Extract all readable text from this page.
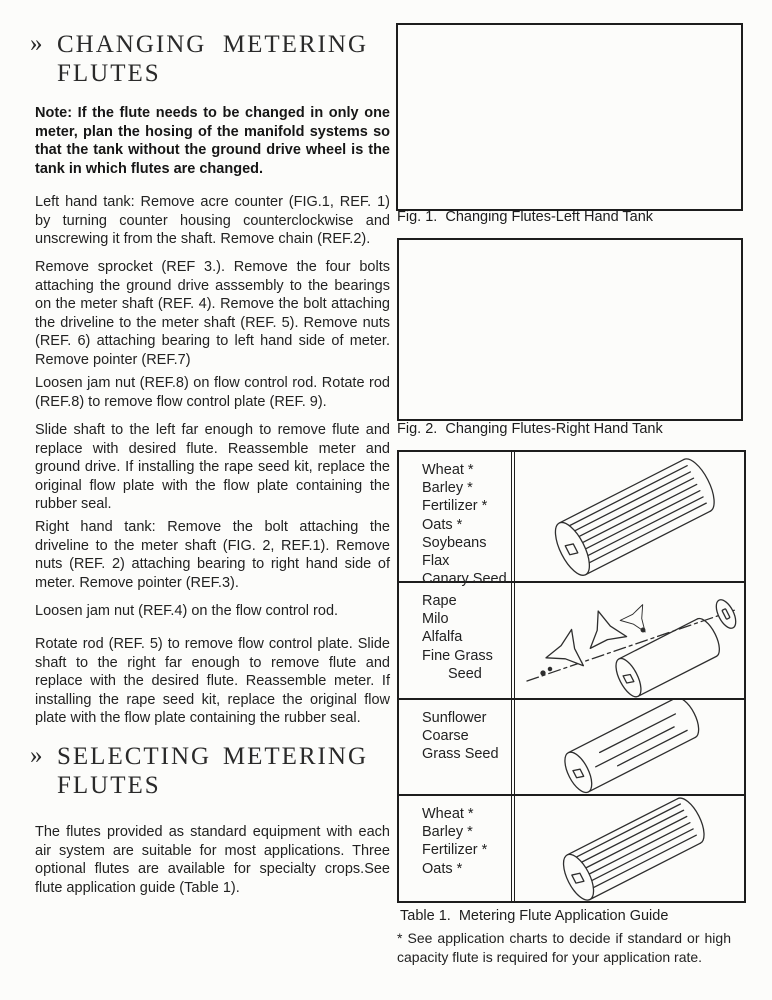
» CHANGING METERING
FLUTES
Note: If the flute needs to be changed in only one meter, plan the hosing of the manifold systems so that the tank without the ground drive wheel is the tank in which flutes are changed.
Left hand tank: Remove acre counter (FIG.1, REF. 1) by turning counter housing counterclockwise and unscrewing it from the shaft. Remove chain (REF.2).
Remove sprocket (REF 3.). Remove the four bolts attaching the ground drive asssembly to the bearings on the meter shaft (REF. 4). Remove the bolt attaching the driveline to the meter shaft (REF. 5). Remove nuts (REF. 6) attaching bearing to left hand side of meter. Remove pointer (REF.7)
Loosen jam nut (REF.8) on flow control rod. Rotate rod (REF.8) to remove flow control plate (REF. 9).
Slide shaft to the left far enough to remove flute and replace with desired flute. Reassemble meter and ground drive. If installing the rape seed kit, replace the original flow plate with the flow plate containing the rubber seal.
Right hand tank: Remove the bolt attaching the driveline to the meter shaft (FIG. 2, REF.1). Remove nuts (REF. 2) attaching bearing to right hand side of meter. Remove pointer (REF.3).
Loosen jam nut (REF.4) on the flow control rod.
Rotate rod (REF. 5) to remove flow control plate. Slide shaft to the right far enough to remove flute and replace with the desired flute. Reassemble meter. If installing the rape seed kit, replace the original flow plate with the flow plate containing the rubber seal.
» SELECTING METERING
FLUTES
The flutes provided as standard equipment with each air system are suitable for most applications. Three optional flutes are available for specialty crops.See flute application guide (Table 1).
Fig. 1.  Changing Flutes-Left Hand Tank
Fig. 2.  Changing Flutes-Right Hand Tank
Wheat *
Barley *
Fertilizer *
Oats *
Soybeans
Flax
Canary Seed
Rape
Milo
Alfalfa
Fine Grass
Seed
Sunflower
Coarse
Grass Seed
Wheat *
Barley *
Fertilizer *
Oats *
Table 1.  Metering Flute Application Guide
* See application charts to decide if standard or high capacity flute is required for your application rate.
